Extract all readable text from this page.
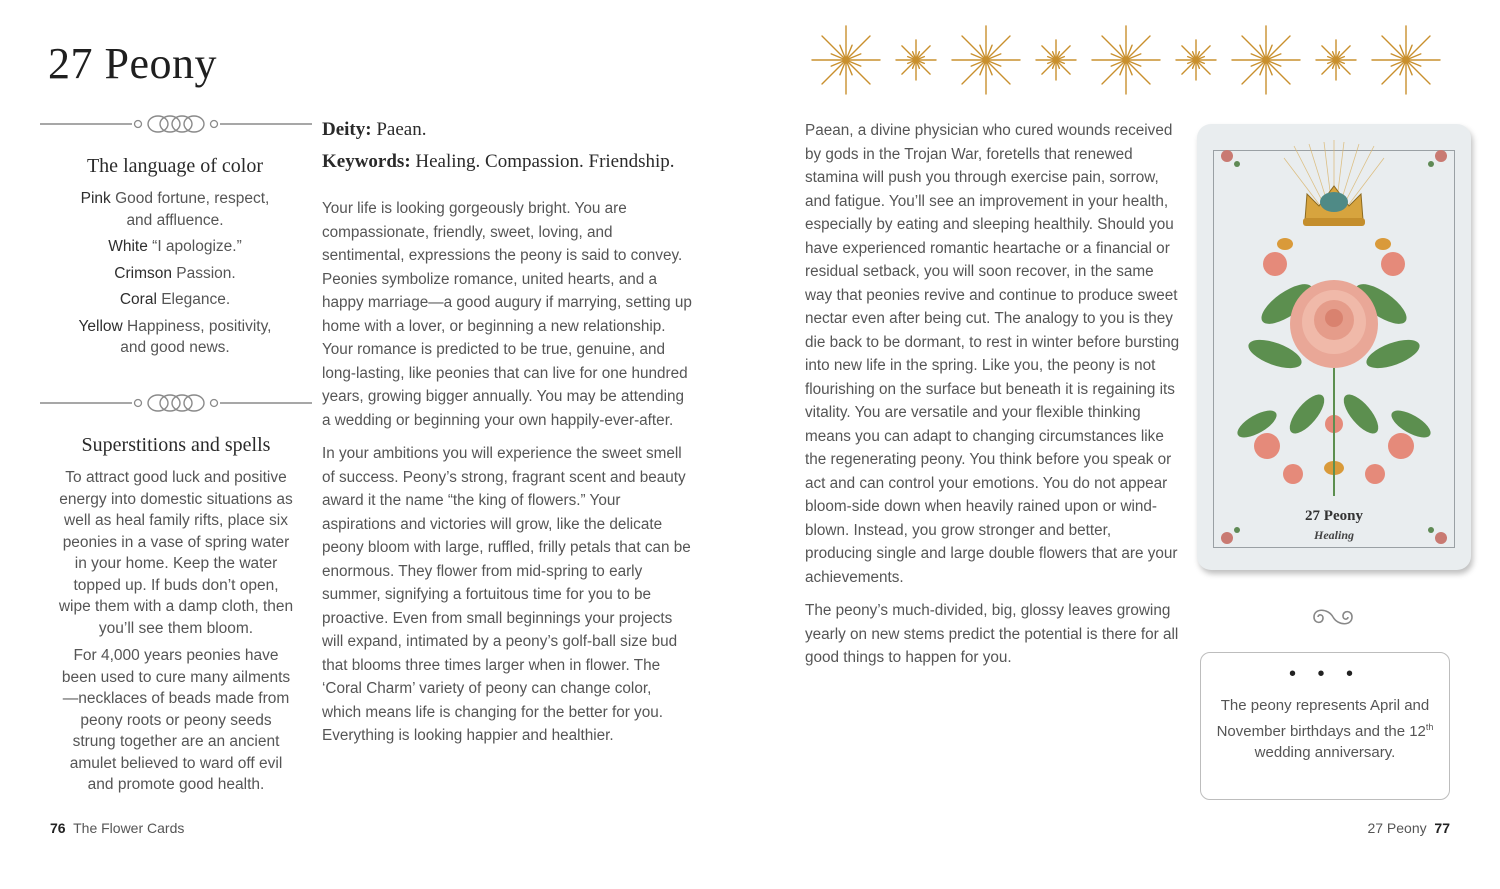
27 Peony
The language of color
Pink Good fortune, respect, and affluence.
White “I apologize.”
Crimson Passion.
Coral Elegance.
Yellow Happiness, positivity, and good news.
Superstitions and spells

To attract good luck and positive energy into domestic situations as well as heal family rifts, place six peonies in a vase of spring water in your home. Keep the water topped up. If buds don’t open, wipe them with a damp cloth, then you’ll see them bloom.

For 4,000 years peonies have been used to cure many ailments—necklaces of beads made from peony roots or peony seeds strung together are an ancient amulet believed to ward off evil and promote good health.

Deity: Paean.
Keywords: Healing. Compassion. Friendship.

Your life is looking gorgeously bright. You are compassionate, friendly, sweet, loving, and sentimental, expressions the peony is said to convey. Peonies symbolize romance, united hearts, and a happy marriage—a good augury if marrying, setting up home with a lover, or beginning a new relationship. Your romance is predicted to be true, genuine, and long-lasting, like peonies that can live for one hundred years, growing bigger annually. You may be attending a wedding or beginning your own happily-ever-after.

In your ambitions you will experience the sweet smell of success. Peony’s strong, fragrant scent and beauty award it the name “the king of flowers.” Your aspirations and victories will grow, like the delicate peony bloom with large, ruffled, frilly petals that can be enormous. They flower from mid-spring to early summer, signifying a fortuitous time for you to be proactive. Even from small beginnings your projects will expand, intimated by a peony’s golf-ball size bud that blooms three times larger when in flower. The ‘Coral Charm’ variety of peony can change color, which means life is changing for the better for you. Everything is looking happier and healthier.

76 The Flower Cards

Paean, a divine physician who cured wounds received by gods in the Trojan War, foretells that renewed stamina will push you through exercise pain, sorrow, and fatigue. You’ll see an improvement in your health, especially by eating and sleeping healthily. Should you have experienced romantic heartache or a financial or residual setback, you will soon recover, in the same way that peonies revive and continue to produce sweet nectar even after being cut. The analogy to you is they die back to be dormant, to rest in winter before bursting into new life in the spring. Like you, the peony is not flourishing on the surface but beneath it is regaining its vitality. You are versatile and your flexible thinking means you can adapt to changing circumstances like the regenerating peony. You think before you speak or act and can control your emotions. You do not appear bloom-side down when heavily rained upon or wind-blown. Instead, you grow stronger and better, producing single and large double flowers that are your achievements.

The peony’s much-divided, big, glossy leaves growing yearly on new stems predict the potential is there for all good things to happen for you.

27 Peony
Healing
• • •
The peony represents April and November birthdays and the 12th wedding anniversary.
27 Peony 77
